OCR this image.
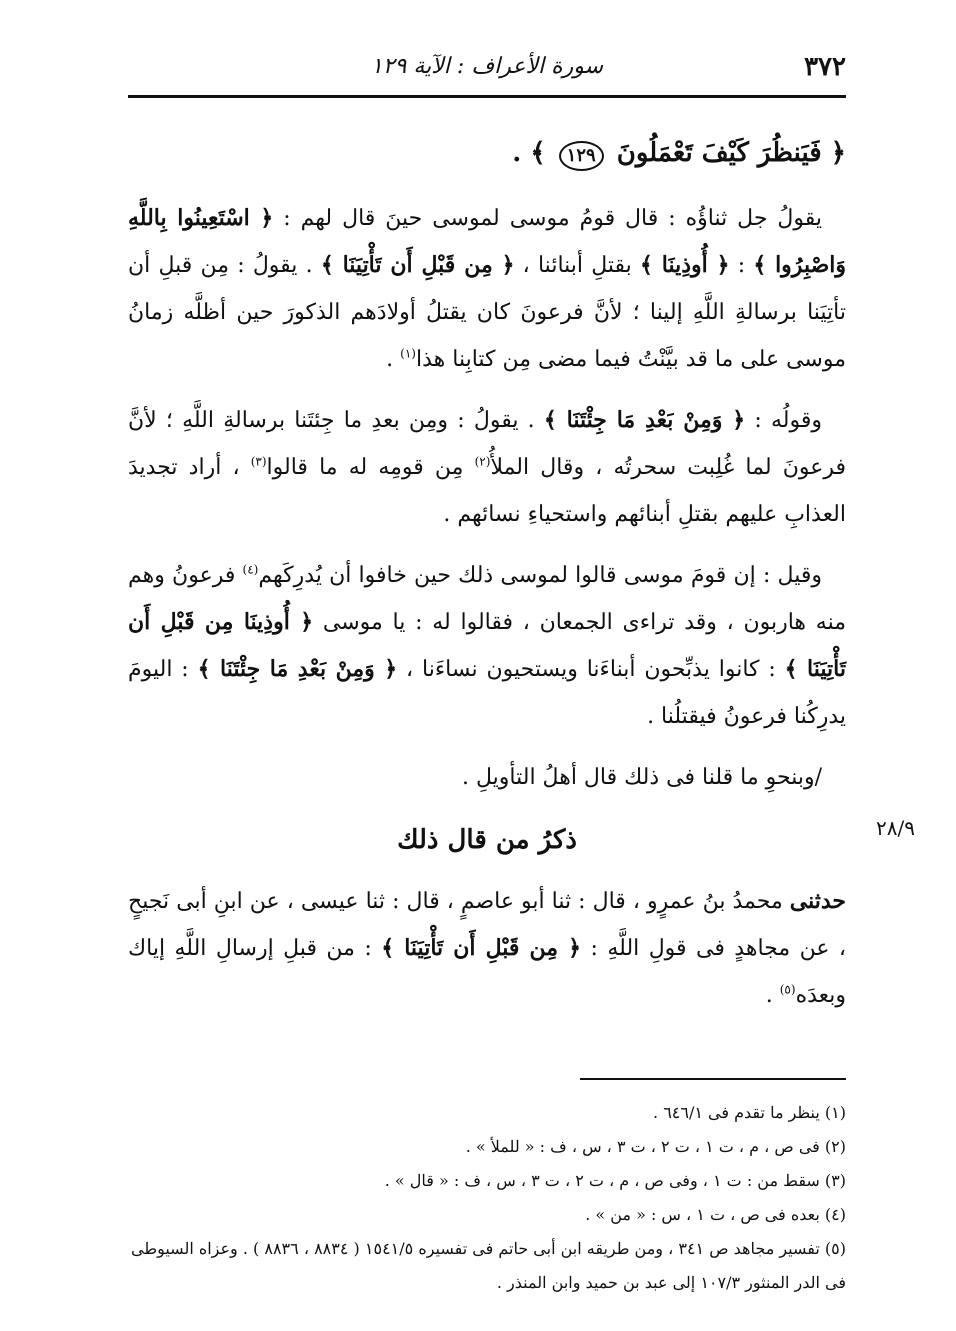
٣٧٢
سورة الأعراف : الآية ١٢٩

﴿ فَيَنظُرَ كَيْفَ تَعْمَلُونَ ١٢٩ ﴾ .

يقولُ جل ثناؤُه : قال قومُ موسى لموسى حينَ قال لهم : ﴿ اسْتَعِينُوا بِاللَّهِ وَاصْبِرُوا ﴾ : ﴿ أُوذِينَا ﴾ بقتلِ أبنائنا ، ﴿ مِن قَبْلِ أَن تَأْتِيَنَا ﴾ . يقولُ : مِن قبلِ أن تأتِيَنا برسالةِ اللَّهِ إلينا ؛ لأنَّ فرعونَ كان يقتلُ أولادَهم الذكورَ حين أظلَّه زمانُ موسى على ما قد بيَّنْتُ فيما مضى مِن كتابِنا هذا$^{(١)}$ .

وقولُه : ﴿ وَمِنْ بَعْدِ مَا جِئْتَنَا ﴾ . يقولُ : ومِن بعدِ ما جِئتَنا برسالةِ اللَّهِ ؛ لأنَّ فرعونَ لما غُلِبت سحرتُه ، وقال الملأُ$^{(٢)}$ مِن قومِه له ما قالوا$^{(٣)}$ ، أراد تجديدَ العذابِ عليهم بقتلِ أبنائهم واستحياءِ نسائهم .

وقيل : إن قومَ موسى قالوا لموسى ذلك حين خافوا أن يُدرِكَهم$^{(٤)}$ فرعونُ وهم منه هاربون ، وقد تراءى الجمعان ، فقالوا له : يا موسى ﴿ أُوذِينَا مِن قَبْلِ أَن تَأْتِيَنَا ﴾ : كانوا يذبِّحون أبناءَنا ويستحيون نساءَنا ، ﴿ وَمِنْ بَعْدِ مَا جِئْتَنَا ﴾ : اليومَ يدرِكُنا فرعونُ فيقتلُنا .

/وبنحوِ ما قلنا فى ذلك قال أهلُ التأويلِ .

ذكرُ من قال ذلك

حدثنى محمدُ بنُ عمرٍو ، قال : ثنا أبو عاصمٍ ، قال : ثنا عيسى ، عن ابنِ أبى نَجيحٍ ، عن مجاهدٍ فى قولِ اللَّهِ : ﴿ مِن قَبْلِ أَن تَأْتِيَنَا ﴾ : من قبلِ إرسالِ اللَّهِ إياك وبعدَه$^{(٥)}$ .

٢٨/٩
(١) ينظر ما تقدم فى ٦٤٦/١ .
(٢) فى ص ، م ، ت ١ ، ت ٢ ، ت ٣ ، س ، ف : « للملأ » .
(٣) سقط من : ت ١ ، وفى ص ، م ، ت ٢ ، ت ٣ ، س ، ف : « قال » .
(٤) بعده فى ص ، ت ١ ، س : « من » .
(٥) تفسير مجاهد ص ٣٤١ ، ومن طريقه ابن أبى حاتم فى تفسيره ١٥٤١/٥ ( ٨٨٣٤ ، ٨٨٣٦ ) . وعزاه السيوطى فى الدر المنثور ١٠٧/٣ إلى عبد بن حميد وابن المنذر .
